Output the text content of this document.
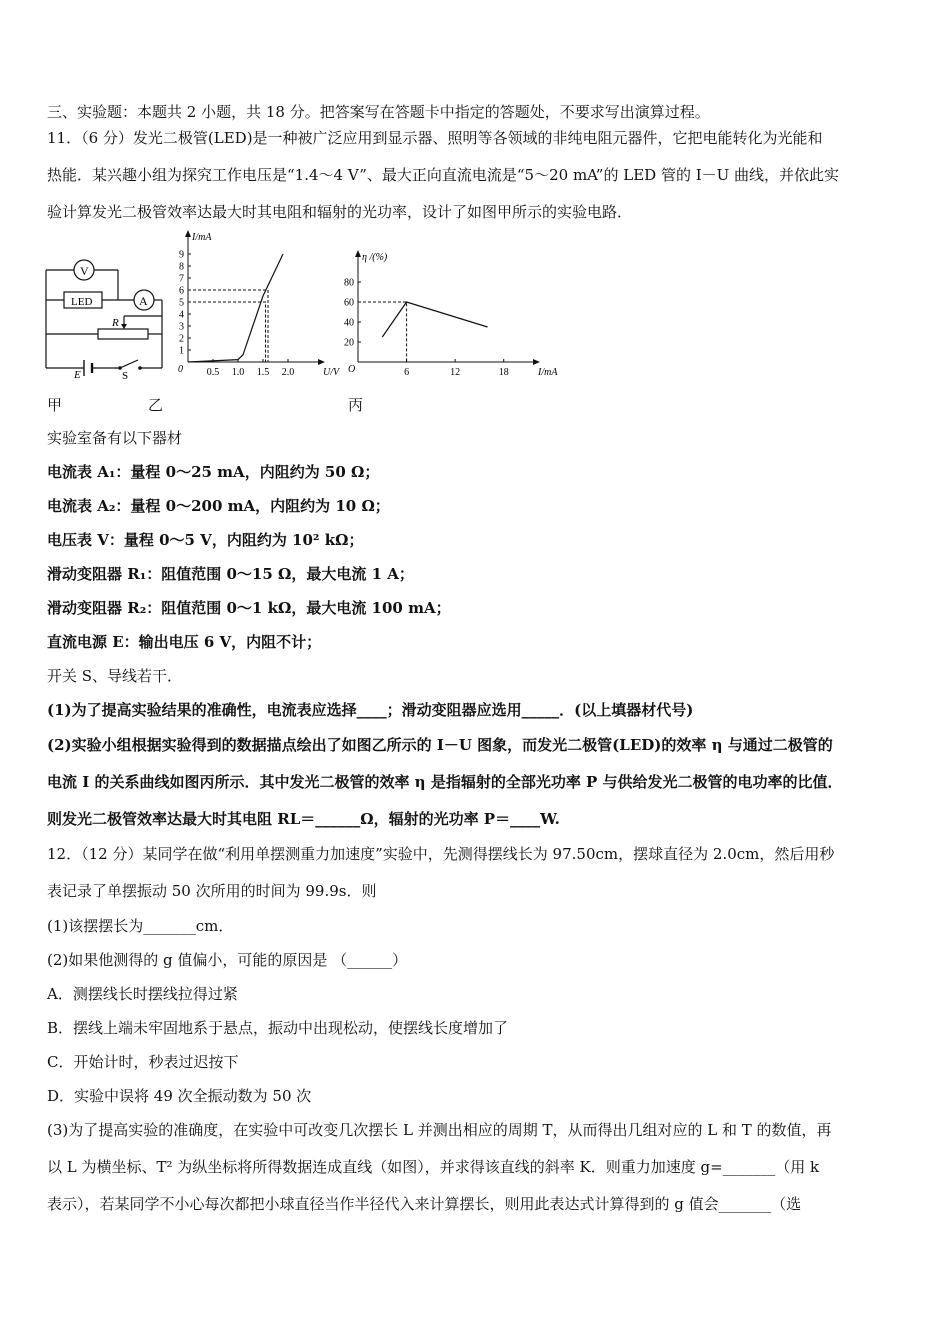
三、实验题：本题共 2 小题，共 18 分。把答案写在答题卡中指定的答题处，不要求写出演算过程。
11．（6 分）发光二极管(LED)是一种被广泛应用到显示器、照明等各领域的非纯电阻元器件，它把电能转化为光能和
热能．某兴趣小组为探究工作电压是“1.4～4 V”、最大正向直流电流是“5～20 mA”的 LED 管的 I－U 曲线，并依此实
验计算发光二极管效率达最大时其电阻和辐射的光功率，设计了如图甲所示的实验电路．
V
LED	A
R
E	S
I/mA
U/V
0 0.5 1.0 1.5 2.0
1
2
3
4
5
6
7
8
9	η /(%)
I/mA
O	6	12	18
20
40
60
80
甲	乙	丙
实验室备有以下器材
电流表 A₁：量程 0～25 mA，内阻约为 50 Ω；
电流表 A₂：量程 0～200 mA，内阻约为 10 Ω；
电压表 V：量程 0～5 V，内阻约为 10² kΩ；
滑动变阻器 R₁：阻值范围 0～15 Ω，最大电流 1 A；
滑动变阻器 R₂：阻值范围 0～1 kΩ，最大电流 100 mA；
直流电源 E：输出电压 6 V，内阻不计；
开关 S、导线若干．
(1)为了提高实验结果的准确性，电流表应选择____；滑动变阻器应选用_____．(以上填器材代号)
(2)实验小组根据实验得到的数据描点绘出了如图乙所示的 I－U 图象，而发光二极管(LED)的效率 η 与通过二极管的
电流 I 的关系曲线如图丙所示．其中发光二极管的效率 η 是指辐射的全部光功率 P 与供给发光二极管的电功率的比值．
则发光二极管效率达最大时其电阻 RL＝______Ω，辐射的光功率 P＝____W.
12．（12 分）某同学在做“利用单摆测重力加速度”实验中，先测得摆线长为 97.50cm，摆球直径为 2.0cm，然后用秒
表记录了单摆振动 50 次所用的时间为 99.9s．则
(1)该摆摆长为_______cm．
(2)如果他测得的 g 值偏小，可能的原因是 （______）
A．测摆线长时摆线拉得过紧
B．摆线上端未牢固地系于悬点，振动中出现松动，使摆线长度增加了
C．开始计时，秒表过迟按下
D．实验中误将 49 次全振动数为 50 次
(3)为了提高实验的准确度，在实验中可改变几次摆长 L 并测出相应的周期 T，从而得出几组对应的 L 和 T 的数值，再
以 L 为横坐标、T² 为纵坐标将所得数据连成直线（如图），并求得该直线的斜率 K．则重力加速度 g=_______（用 k
表示），若某同学不小心每次都把小球直径当作半径代入来计算摆长，则用此表达式计算得到的 g 值会_______（选
